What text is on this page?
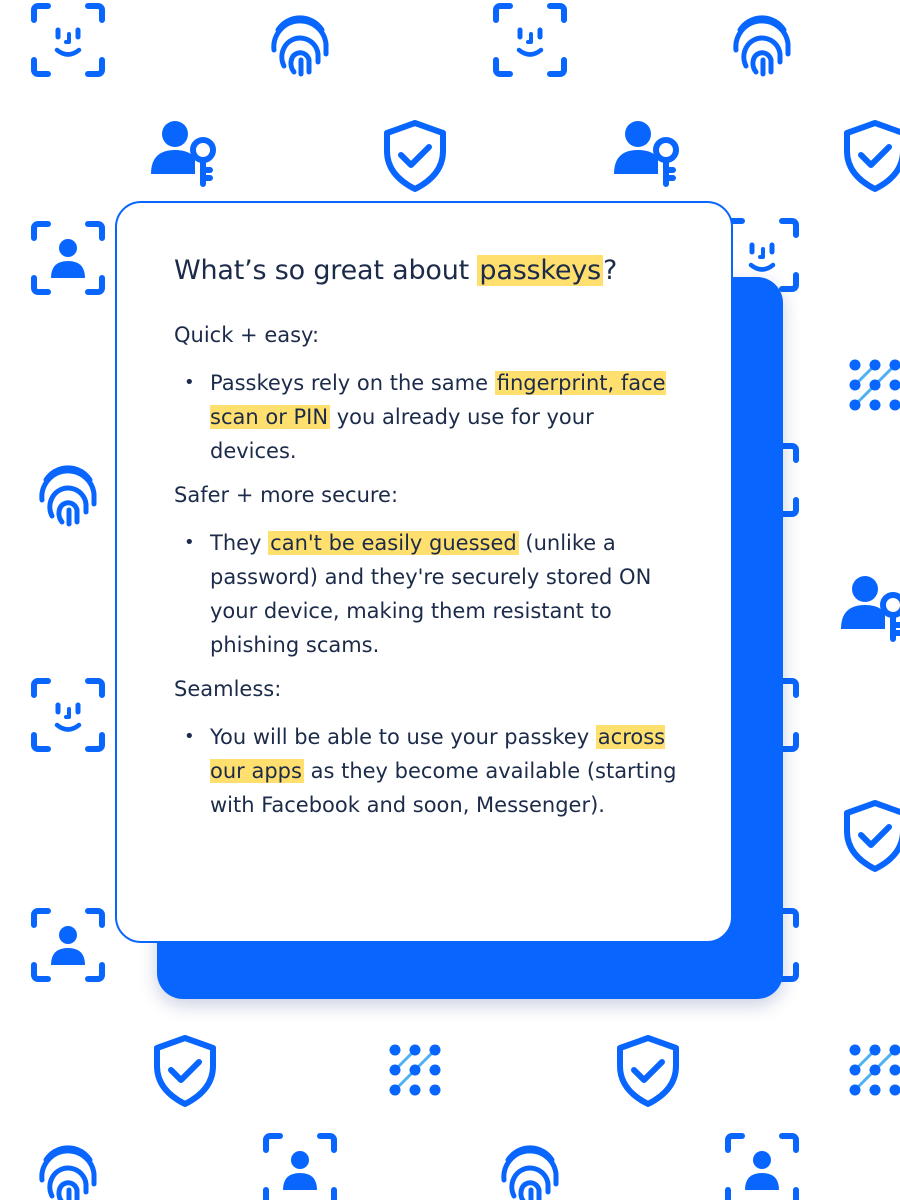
What’s so great about passkeys?

Quick + easy:

• Passkeys rely on the same fingerprint, face scan or PIN you already use for your devices.

Safer + more secure:

• They can't be easily guessed (unlike a password) and they're securely stored ON your device, making them resistant to phishing scams.

Seamless:

• You will be able to use your passkey across our apps as they become available (starting with Facebook and soon, Messenger).
